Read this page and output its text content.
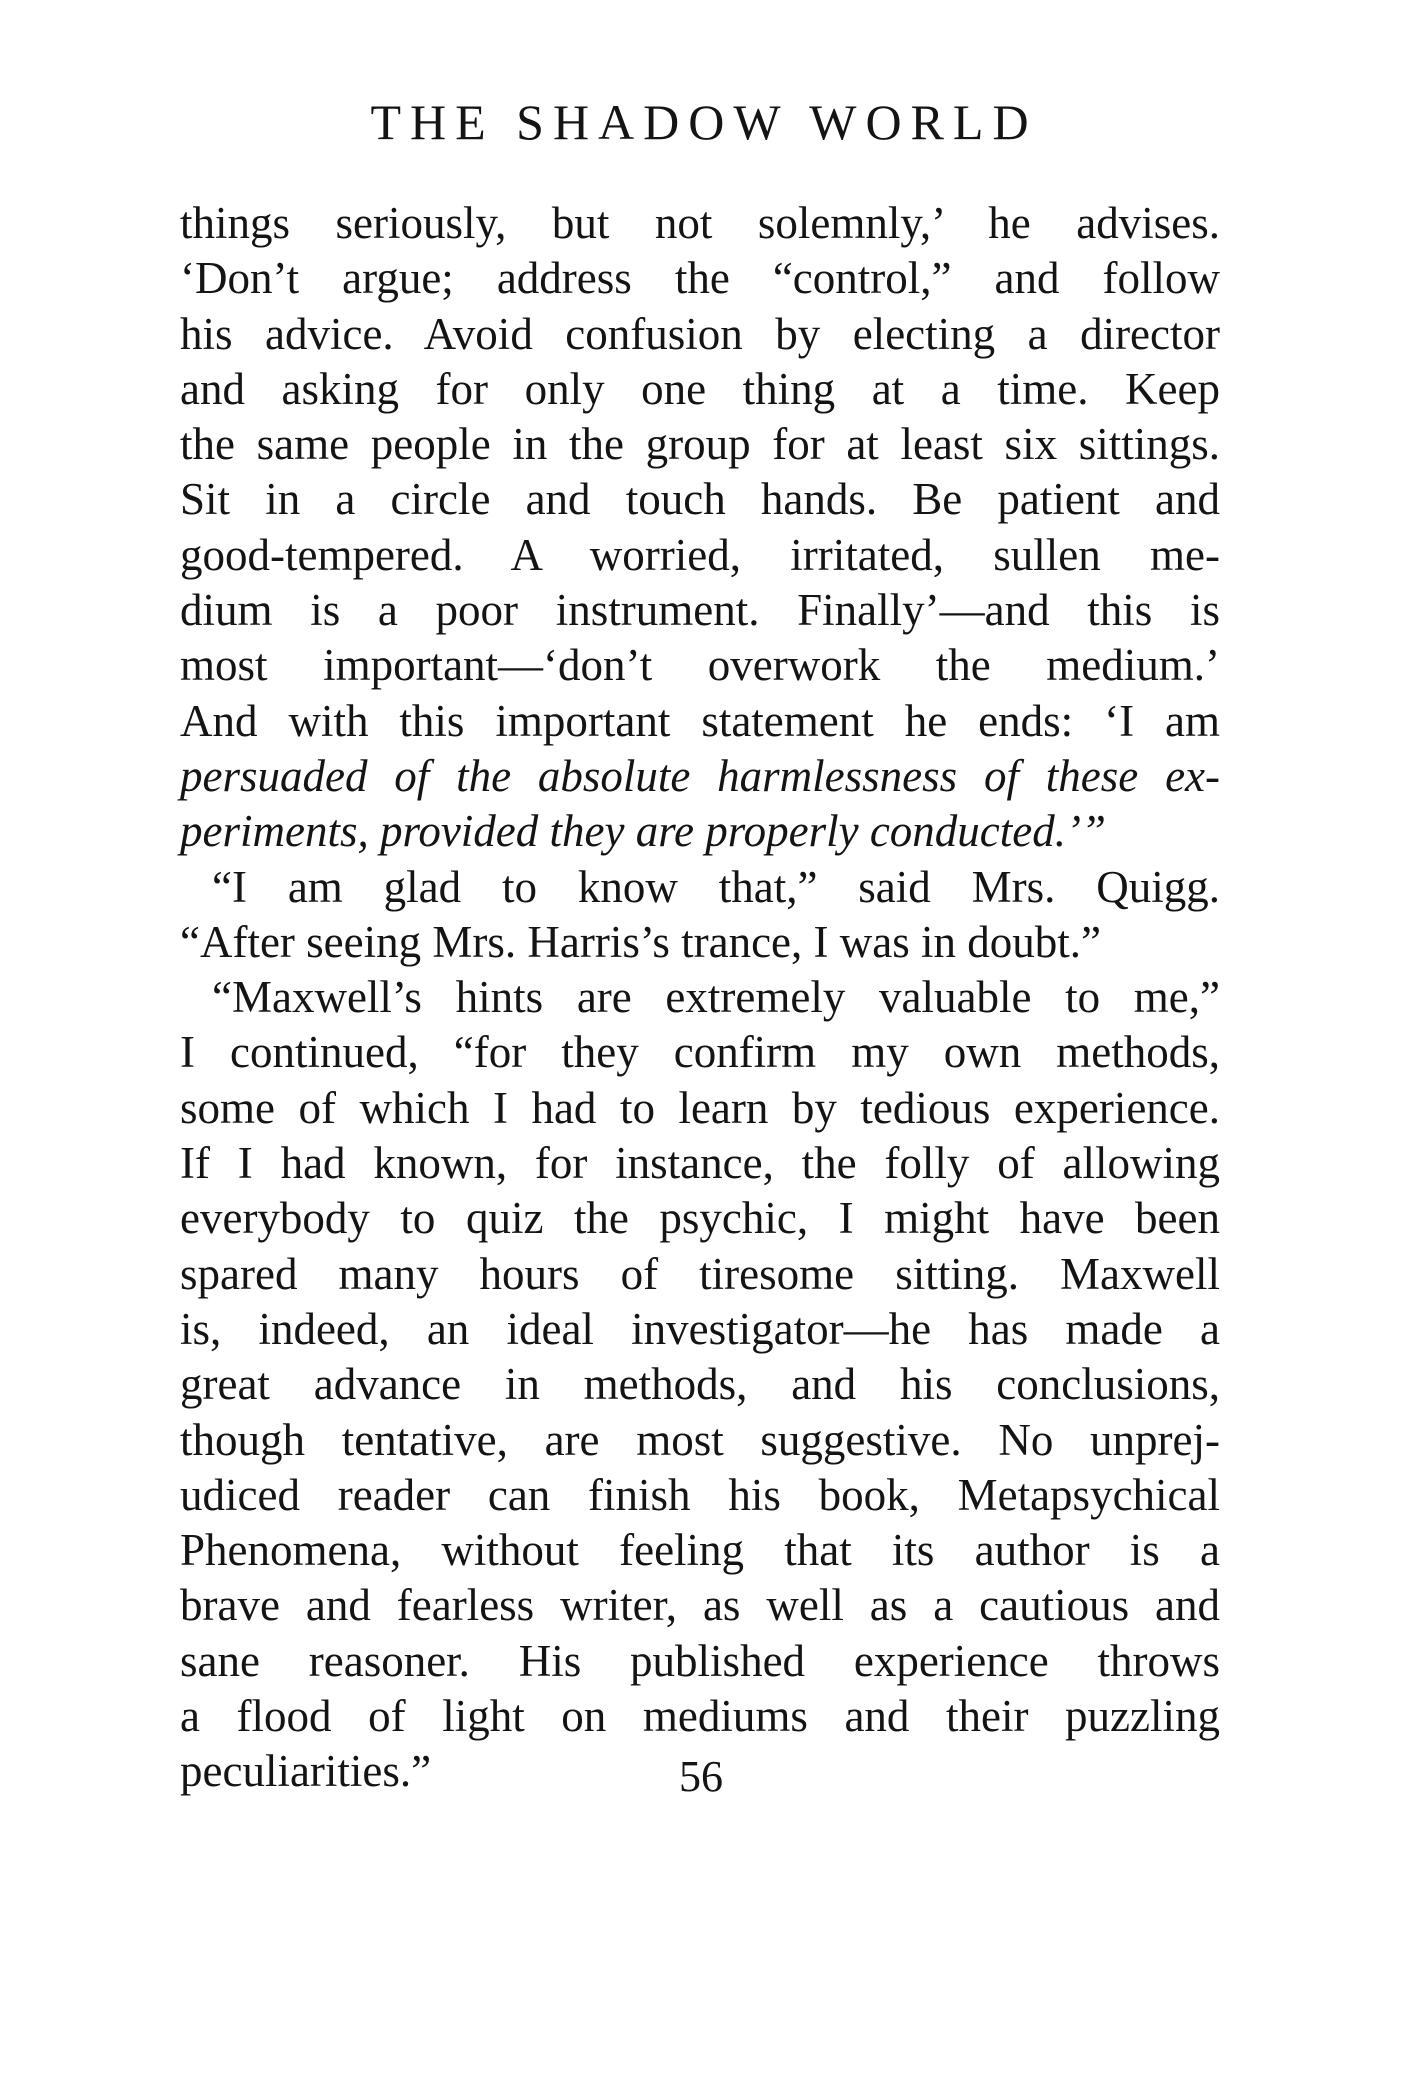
THE SHADOW WORLD
things seriously, but not solemnly,’ he advises.
‘Don’t argue; address the “control,” and follow
his advice. Avoid confusion by electing a director
and asking for only one thing at a time. Keep
the same people in the group for at least six sittings.
Sit in a circle and touch hands. Be patient and
good-tempered. A worried, irritated, sullen me-
dium is a poor instrument. Finally’—and this is
most important—‘don’t overwork the medium.’
And with this important statement he ends: ‘I am
persuaded of the absolute harmlessness of these ex-
periments, provided they are properly conducted.’”
“I am glad to know that,” said Mrs. Quigg.
“After seeing Mrs. Harris’s trance, I was in doubt.”
“Maxwell’s hints are extremely valuable to me,”
I continued, “for they confirm my own methods,
some of which I had to learn by tedious experience.
If I had known, for instance, the folly of allowing
everybody to quiz the psychic, I might have been
spared many hours of tiresome sitting. Maxwell
is, indeed, an ideal investigator—he has made a
great advance in methods, and his conclusions,
though tentative, are most suggestive. No unprej-
udiced reader can finish his book, Metapsychical
Phenomena, without feeling that its author is a
brave and fearless writer, as well as a cautious and
sane reasoner. His published experience throws
a flood of light on mediums and their puzzling
peculiarities.”	56
